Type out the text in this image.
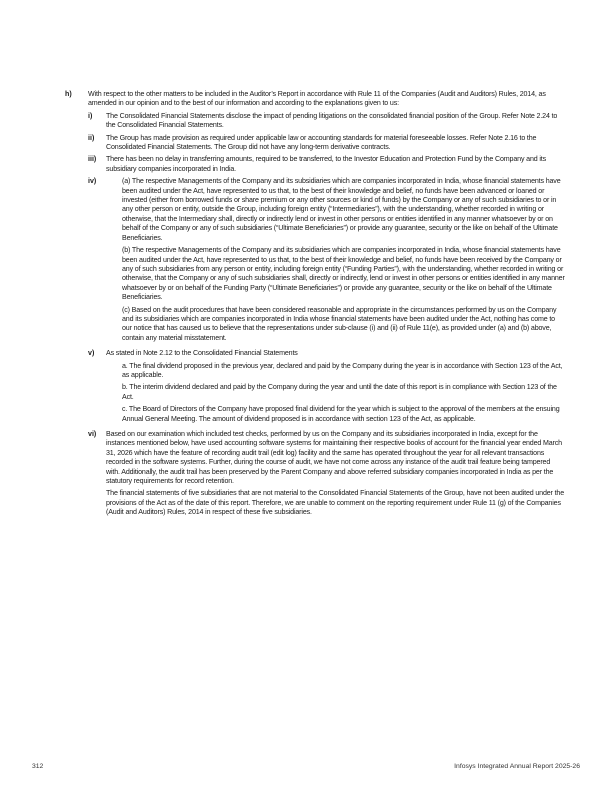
h)	With respect to the other matters to be included in the Auditor’s Report in accordance with Rule 11 of the Companies (Audit and Auditors) Rules, 2014, as amended in our opinion and to the best of our information and according to the explanations given to us:
i)	The Consolidated Financial Statements disclose the impact of pending litigations on the consolidated financial position of the Group. Refer Note 2.24 to the Consolidated Financial Statements.
ii)	The Group has made provision as required under applicable law or accounting standards for material foreseeable losses. Refer Note 2.16 to the Consolidated Financial Statements. The Group did not have any long-term derivative contracts.
iii)	There has been no delay in transferring amounts, required to be transferred, to the Investor Education and Protection Fund by the Company and its subsidiary companies incorporated in India.
iv)	(a) The respective Managements of the Company and its subsidiaries which are companies incorporated in India, whose financial statements have been audited under the Act, have represented to us that, to the best of their knowledge and belief, no funds have been advanced or loaned or invested (either from borrowed funds or share premium or any other sources or kind of funds) by the Company or any of such subsidiaries to or in any other person or entity, outside the Group, including foreign entity (“Intermediaries”), with the understanding, whether recorded in writing or otherwise, that the Intermediary shall, directly or indirectly lend or invest in other persons or entities identified in any manner whatsoever by or on behalf of the Company or any of such subsidiaries (“Ultimate Beneficiaries”) or provide any guarantee, security or the like on behalf of the Ultimate Beneficiaries.

(b) The respective Managements of the Company and its subsidiaries which are companies incorporated in India, whose financial statements have been audited under the Act, have represented to us that, to the best of their knowledge and belief, no funds have been received by the Company or any of such subsidiaries from any person or entity, including foreign entity (“Funding Parties”), with the understanding, whether recorded in writing or otherwise, that the Company or any of such subsidiaries shall, directly or indirectly, lend or invest in other persons or entities identified in any manner whatsoever by or on behalf of the Funding Party (“Ultimate Beneficiaries”) or provide any guarantee, security or the like on behalf of the Ultimate Beneficiaries.

(c) Based on the audit procedures that have been considered reasonable and appropriate in the circumstances performed by us on the Company and its subsidiaries which are companies incorporated in India whose financial statements have been audited under the Act, nothing has come to our notice that has caused us to believe that the representations under sub-clause (i) and (ii) of Rule 11(e), as provided under (a) and (b) above, contain any material misstatement.

v)	As stated in Note 2.12 to the Consolidated Financial Statements

a. The final dividend proposed in the previous year, declared and paid by the Company during the year is in accordance with Section 123 of the Act, as applicable.

b. The interim dividend declared and paid by the Company during the year and until the date of this report is in compliance with Section 123 of the Act.

c. The Board of Directors of the Company have proposed final dividend for the year which is subject to the approval of the members at the ensuing Annual General Meeting. The amount of dividend proposed is in accordance with section 123 of the Act, as applicable.

vi)	Based on our examination which included test checks, performed by us on the Company and its subsidiaries incorporated in India, except for the instances mentioned below, have used accounting software systems for maintaining their respective books of account for the financial year ended March 31, 2026 which have the feature of recording audit trail (edit log) facility and the same has operated throughout the year for all relevant transactions recorded in the software systems. Further, during the course of audit, we have not come across any instance of the audit trail feature being tampered with. Additionally, the audit trail has been preserved by the Parent Company and above referred subsidiary companies incorporated in India as per the statutory requirements for record retention.

The financial statements of five subsidiaries that are not material to the Consolidated Financial Statements of the Group, have not been audited under the provisions of the Act as of the date of this report. Therefore, we are unable to comment on the reporting requirement under Rule 11 (g) of the Companies (Audit and Auditors) Rules, 2014 in respect of these five subsidiaries.

312	Infosys Integrated Annual Report 2025-26
